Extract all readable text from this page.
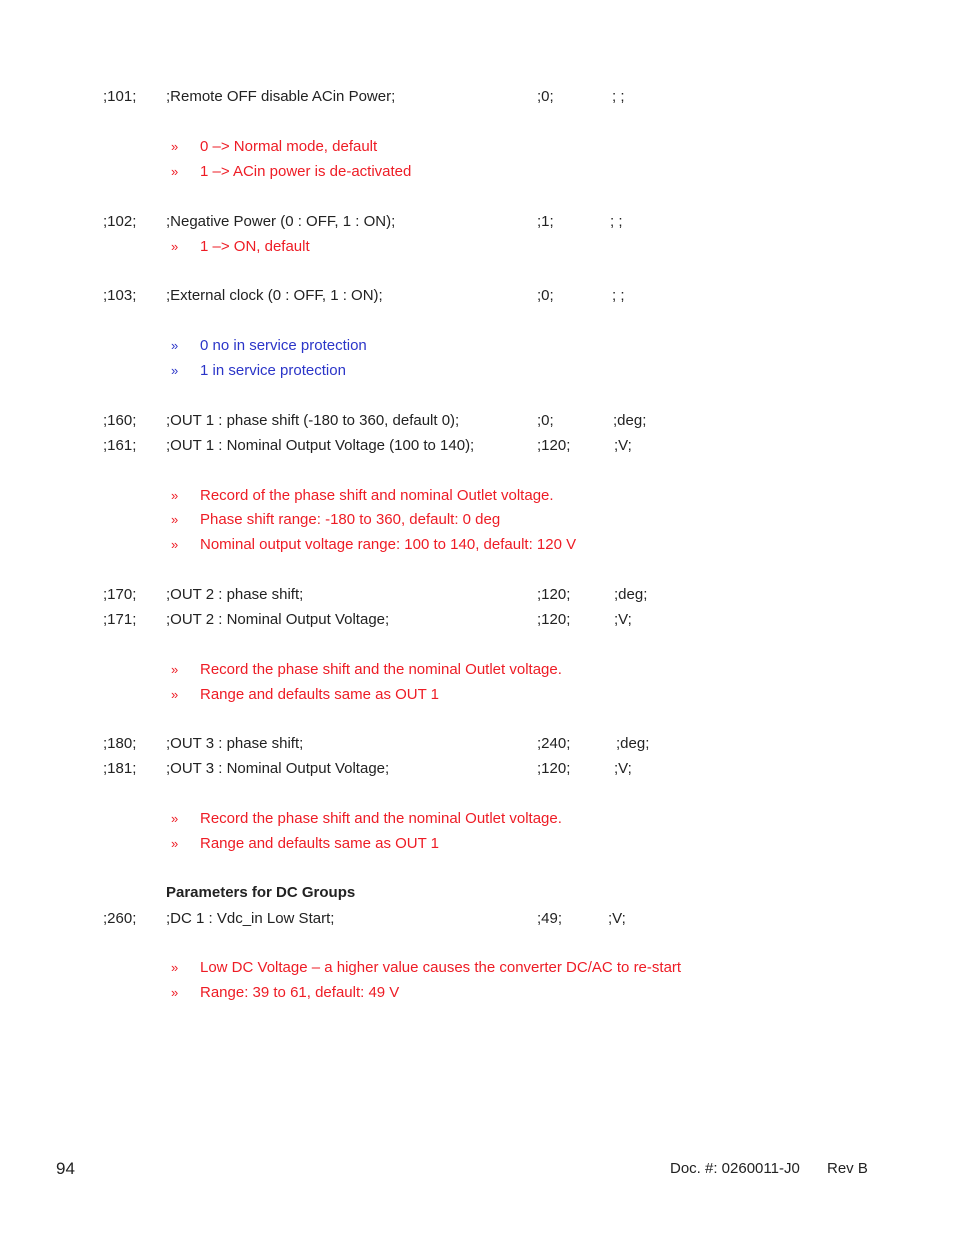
;101; ;Remote OFF disable ACin Power;	;0;	; ;
» 0 –> Normal mode, default
» 1 –> ACin power is de-activated
;102; ;Negative Power (0 : OFF, 1 : ON);	;1;	; ;
» 1 –> ON, default
;103; ;External clock (0 : OFF, 1 : ON);	;0;	; ;
» 0 no in service protection
» 1 in service protection
;160; ;OUT 1 : phase shift (-180 to 360, default 0);	;0;	;deg;
;161; ;OUT 1 : Nominal Output Voltage (100 to 140);	;120;	;V;
» Record of the phase shift and nominal Outlet voltage.
» Phase shift range: -180 to 360, default: 0 deg
» Nominal output voltage range: 100 to 140, default: 120 V
;170; ;OUT 2 : phase shift;	;120;	;deg;
;171; ;OUT 2 : Nominal Output Voltage;	;120;	;V;
» Record the phase shift and the nominal Outlet voltage.
» Range and defaults same as OUT 1
;180; ;OUT 3 : phase shift;	;240;	;deg;
;181; ;OUT 3 : Nominal Output Voltage;	;120;	;V;
» Record the phase shift and the nominal Outlet voltage.
» Range and defaults same as OUT 1
Parameters for DC Groups
;260; ;DC 1 : Vdc_in Low Start;	;49;	;V;
» Low DC Voltage – a higher value causes the converter DC/AC to re-start
» Range: 39 to 61, default: 49 V
94	Doc. #: 0260011-J0 Rev B
